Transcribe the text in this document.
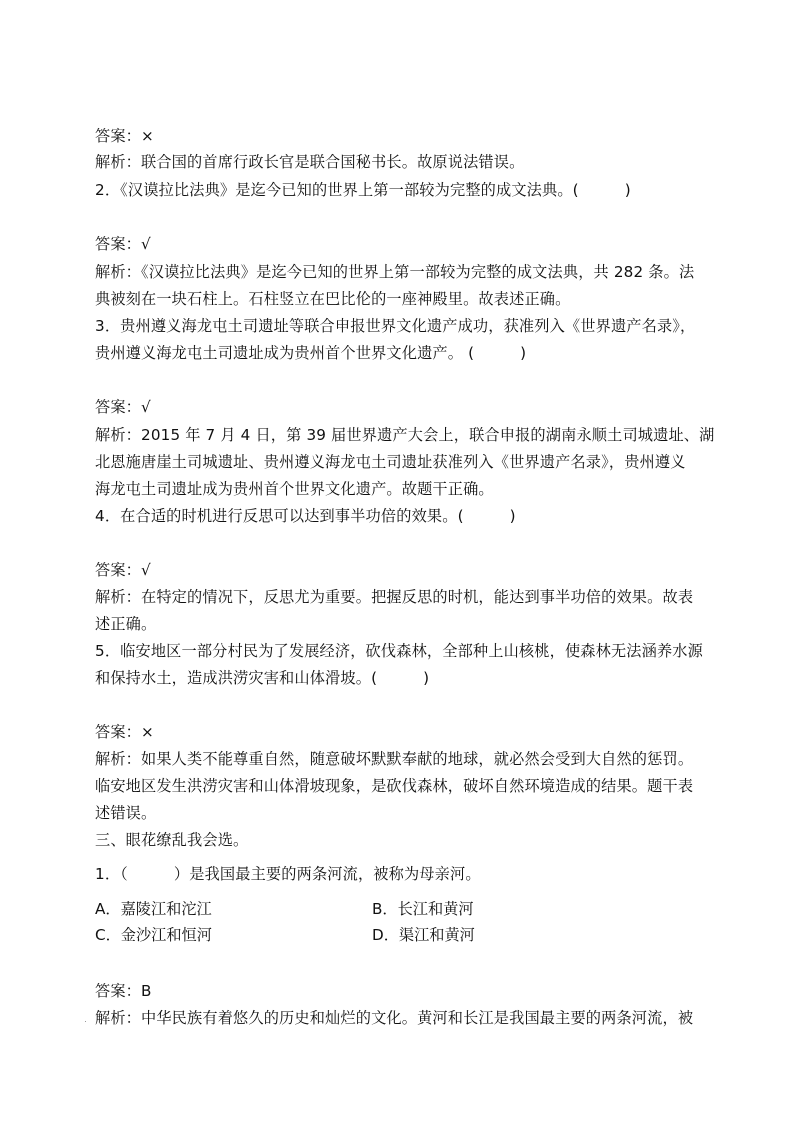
答案：×
解析：联合国的首席行政长官是联合国秘书长。故原说法错误。
2．《汉谟拉比法典》是迄今已知的世界上第一部较为完整的成文法典。(　　　)
答案：√
解析：《汉谟拉比法典》是迄今已知的世界上第一部较为完整的成文法典，共 282 条。法
典被刻在一块石柱上。石柱竖立在巴比伦的一座神殿里。故表述正确。
3．贵州遵义海龙屯土司遗址等联合申报世界文化遗产成功，获准列入《世界遗产名录》，
贵州遵义海龙屯土司遗址成为贵州首个世界文化遗产。 (　　　)
答案：√
解析：2015 年 7 月 4 日，第 39 届世界遗产大会上，联合申报的湖南永顺土司城遗址、湖
北恩施唐崖土司城遗址、贵州遵义海龙屯土司遗址获准列入《世界遗产名录》，贵州遵义
海龙屯土司遗址成为贵州首个世界文化遗产。故题干正确。
4．在合适的时机进行反思可以达到事半功倍的效果。(　　　)
答案：√
解析：在特定的情况下，反思尤为重要。把握反思的时机，能达到事半功倍的效果。故表
述正确。
5．临安地区一部分村民为了发展经济，砍伐森林，全部种上山核桃，使森林无法涵养水源
和保持水土，造成洪涝灾害和山体滑坡。(　　　)
答案：×
解析：如果人类不能尊重自然，随意破坏默默奉献的地球，就必然会受到大自然的惩罚。
临安地区发生洪涝灾害和山体滑坡现象，是砍伐森林，破坏自然环境造成的结果。题干表
述错误。
三、眼花缭乱我会选。
1．（　　　）是我国最主要的两条河流，被称为母亲河。
A．嘉陵江和沱江	B．长江和黄河
C．金沙江和恒河	D．渠江和黄河
答案：B
解析：中华民族有着悠久的历史和灿烂的文化。黄河和长江是我国最主要的两条河流，被
